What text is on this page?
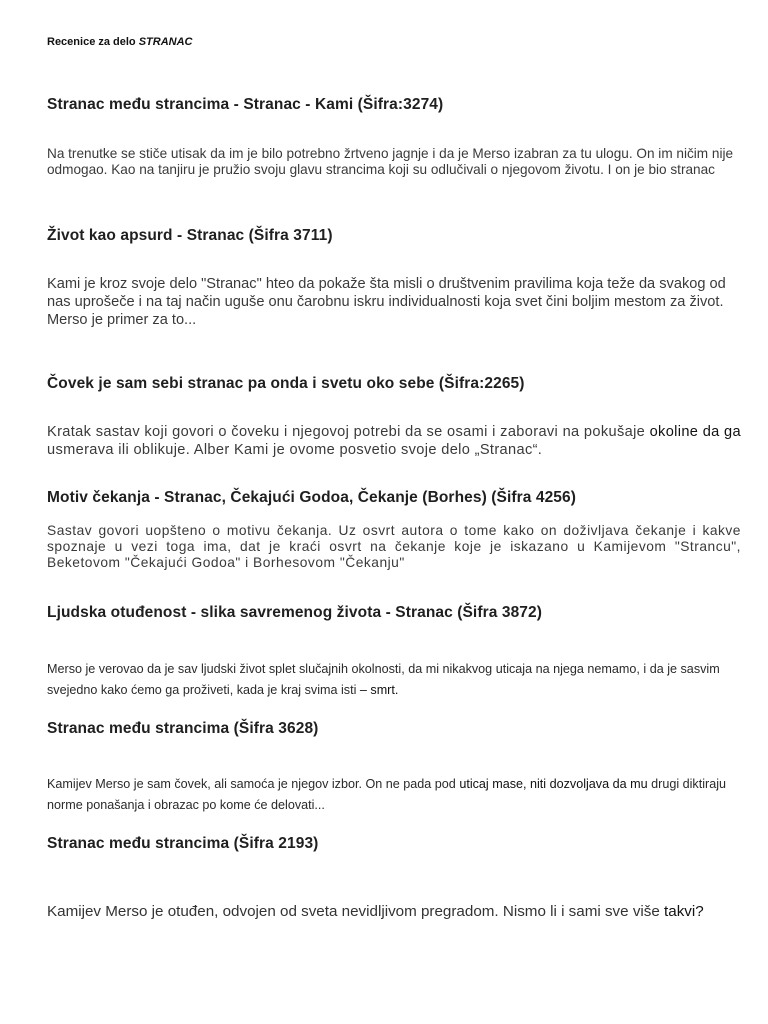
Recenice za delo STRANAC
Stranac među strancima - Stranac - Kami (Šifra:3274)
Na trenutke se stiče utisak da im je bilo potrebno žrtveno jagnje i da je Merso izabran za tu ulogu. On im ničim nije odmogao. Kao na tanjiru je pružio svoju glavu strancima koji su odlučivali o njegovom životu. I on je bio stranac
Život kao apsurd - Stranac (Šifra 3711)
Kami je kroz svoje delo "Stranac" hteo da pokaže šta misli o društvenim pravilima koja teže da svakog od nas uprošeče i na taj način uguše onu čarobnu iskru individualnosti koja svet čini boljim mestom za život. Merso je primer za to...
Čovek je sam sebi stranac pa onda i svetu oko sebe (Šifra:2265)
Kratak sastav koji govori o čoveku i njegovoj potrebi da se osami i zaboravi na pokušaje okoline da ga usmerava ili oblikuje. Alber Kami je ovome posvetio svoje delo „Stranac“.
Motiv čekanja - Stranac, Čekajući Godoa, Čekanje (Borhes) (Šifra 4256)
Sastav govori uopšteno o motivu čekanja. Uz osvrt autora o tome kako on doživljava čekanje i kakve spoznaje u vezi toga ima, dat je kraći osvrt na čekanje koje je iskazano u Kamijevom "Strancu", Beketovom "Čekajući Godoa" i Borhesovom "Čekanju"
Ljudska otuđenost - slika savremenog života - Stranac (Šifra 3872)
Merso je verovao da je sav ljudski život splet slučajnih okolnosti, da mi nikakvog uticaja na njega nemamo, i da je sasvim svejedno kako ćemo ga proživeti, kada je kraj svima isti – smrt.
Stranac među strancima (Šifra 3628)
Kamijev Merso je sam čovek, ali samoća je njegov izbor. On ne pada pod uticaj mase, niti dozvoljava da mu drugi diktiraju norme ponašanja i obrazac po kome će delovati...
Stranac među strancima (Šifra 2193)
Kamijev Merso je otuđen, odvojen od sveta nevidljivom pregradom. Nismo li i sami sve više takvi?
